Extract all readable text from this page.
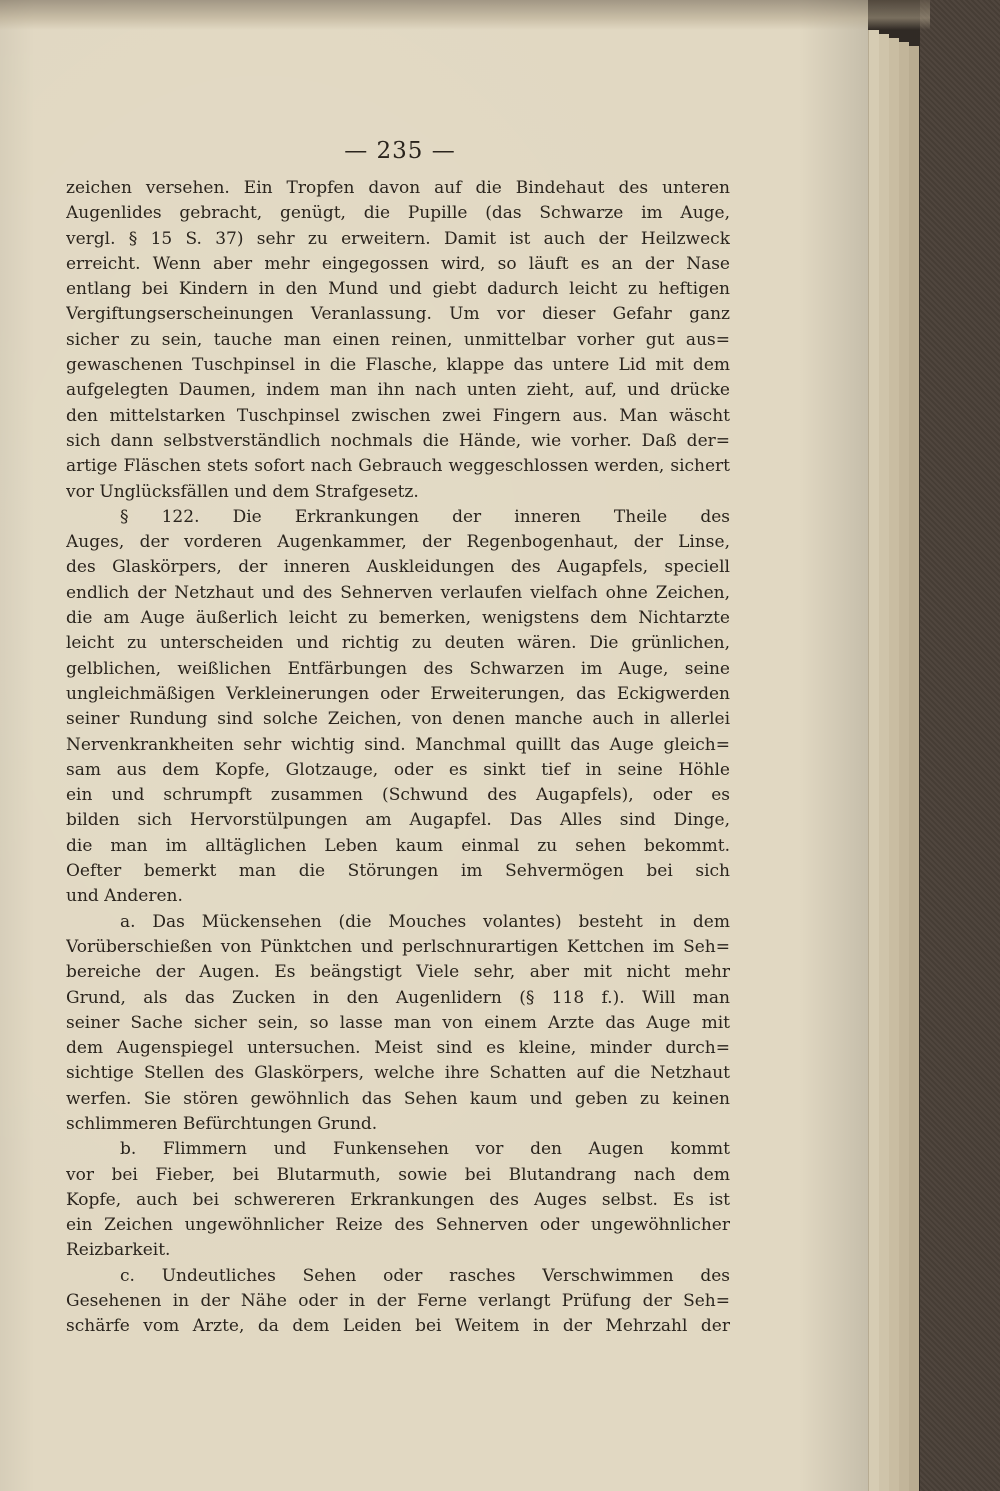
— 235 —
zeichen versehen. Ein Tropfen davon auf die Bindehaut des unteren
Augenlides gebracht, genügt, die Pupille (das Schwarze im Auge,
vergl. § 15 S. 37) sehr zu erweitern. Damit ist auch der Heilzweck
erreicht. Wenn aber mehr eingegossen wird, so läuft es an der Nase
entlang bei Kindern in den Mund und giebt dadurch leicht zu heftigen
Vergiftungserscheinungen Veranlassung. Um vor dieser Gefahr ganz
sicher zu sein, tauche man einen reinen, unmittelbar vorher gut aus=
gewaschenen Tuschpinsel in die Flasche, klappe das untere Lid mit dem
aufgelegten Daumen, indem man ihn nach unten zieht, auf, und drücke
den mittelstarken Tuschpinsel zwischen zwei Fingern aus. Man wäscht
sich dann selbstverständlich nochmals die Hände, wie vorher. Daß der=
artige Fläschen stets sofort nach Gebrauch weggeschlossen werden, sichert
vor Unglücksfällen und dem Strafgesetz.
§ 122. Die Erkrankungen der inneren Theile des
Auges, der vorderen Augenkammer, der Regenbogenhaut, der Linse,
des Glaskörpers, der inneren Auskleidungen des Augapfels, speciell
endlich der Netzhaut und des Sehnerven verlaufen vielfach ohne Zeichen,
die am Auge äußerlich leicht zu bemerken, wenigstens dem Nichtarzte
leicht zu unterscheiden und richtig zu deuten wären. Die grünlichen,
gelblichen, weißlichen Entfärbungen des Schwarzen im Auge, seine
ungleichmäßigen Verkleinerungen oder Erweiterungen, das Eckigwerden
seiner Rundung sind solche Zeichen, von denen manche auch in allerlei
Nervenkrankheiten sehr wichtig sind. Manchmal quillt das Auge gleich=
sam aus dem Kopfe, Glotzauge, oder es sinkt tief in seine Höhle
ein und schrumpft zusammen (Schwund des Augapfels), oder es
bilden sich Hervorstülpungen am Augapfel. Das Alles sind Dinge,
die man im alltäglichen Leben kaum einmal zu sehen bekommt.
Oefter bemerkt man die Störungen im Sehvermögen bei sich
und Anderen.
a. Das Mückensehen (die Mouches volantes) besteht in dem
Vorüberschießen von Pünktchen und perlschnurartigen Kettchen im Seh=
bereiche der Augen. Es beängstigt Viele sehr, aber mit nicht mehr
Grund, als das Zucken in den Augenlidern (§ 118 f.). Will man
seiner Sache sicher sein, so lasse man von einem Arzte das Auge mit
dem Augenspiegel untersuchen. Meist sind es kleine, minder durch=
sichtige Stellen des Glaskörpers, welche ihre Schatten auf die Netzhaut
werfen. Sie stören gewöhnlich das Sehen kaum und geben zu keinen
schlimmeren Befürchtungen Grund.
b. Flimmern und Funkensehen vor den Augen kommt
vor bei Fieber, bei Blutarmuth, sowie bei Blutandrang nach dem
Kopfe, auch bei schwereren Erkrankungen des Auges selbst. Es ist
ein Zeichen ungewöhnlicher Reize des Sehnerven oder ungewöhnlicher
Reizbarkeit.
c. Undeutliches Sehen oder rasches Verschwimmen des
Gesehenen in der Nähe oder in der Ferne verlangt Prüfung der Seh=
schärfe vom Arzte, da dem Leiden bei Weitem in der Mehrzahl der
